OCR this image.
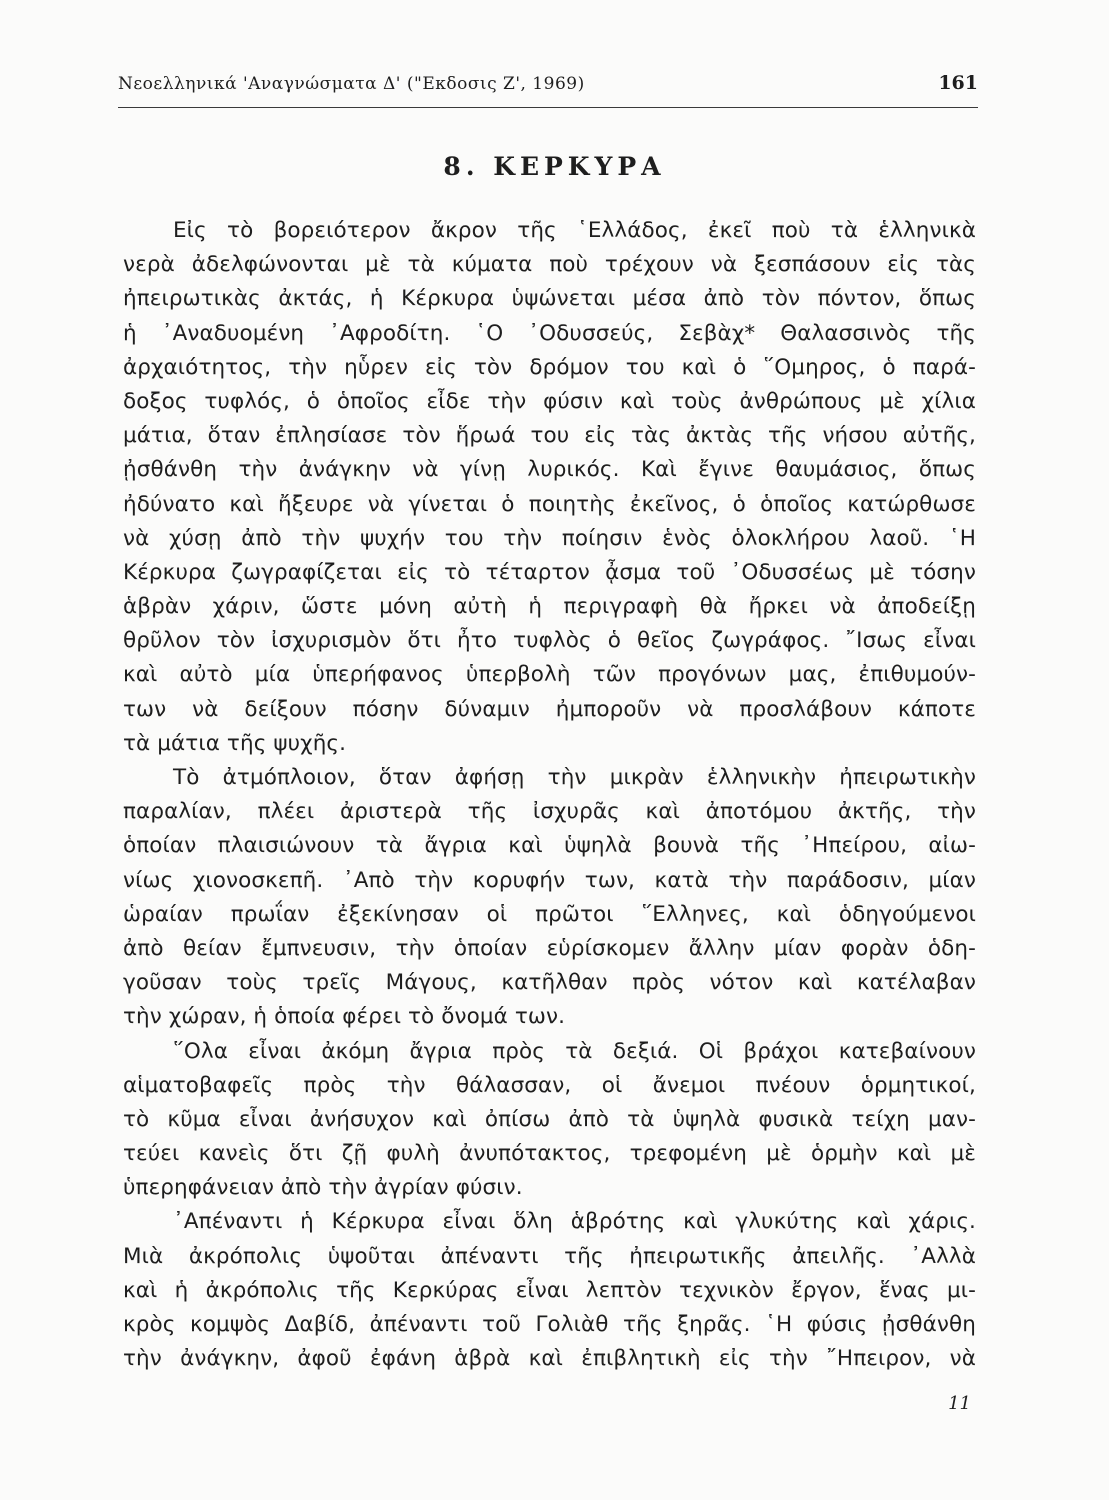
Νεοελληνικά 'Αναγνώσματα Δ' ("Εκδοσις Ζ', 1969)	161
8. ΚΕΡΚΥΡΑ
Εἰς τὸ βορειότερον ἄκρον τῆς ῾Ελλάδος, ἐκεῖ ποὺ τὰ ἑλληνικὰ
νερὰ ἀδελφώνονται μὲ τὰ κύματα ποὺ τρέχουν νὰ ξεσπάσουν εἰς τὰς
ἠπειρωτικὰς ἀκτάς, ἡ Κέρκυρα ὑψώνεται μέσα ἀπὸ τὸν πόντον, ὅπως
ἡ ᾿Αναδυομένη ᾿Αφροδίτη. ῾Ο ᾿Οδυσσεύς, Σεβὰχ* Θαλασσινὸς τῆς
ἀρχαιότητος, τὴν ηὗρεν εἰς τὸν δρόμον του καὶ ὁ ῞Ομηρος, ὁ παρά-
δοξος τυφλός, ὁ ὁποῖος εἶδε τὴν φύσιν καὶ τοὺς ἀνθρώπους μὲ χίλια
μάτια, ὅταν ἐπλησίασε τὸν ἥρωά του εἰς τὰς ἀκτὰς τῆς νήσου αὐτῆς,
ᾐσθάνθη τὴν ἀνάγκην νὰ γίνῃ λυρικός. Καὶ ἔγινε θαυμάσιος, ὅπως
ἠδύνατο καὶ ἤξευρε νὰ γίνεται ὁ ποιητὴς ἐκεῖνος, ὁ ὁποῖος κατώρθωσε
νὰ χύσῃ ἀπὸ τὴν ψυχήν του τὴν ποίησιν ἑνὸς ὁλοκλήρου λαοῦ. ῾Η
Κέρκυρα ζωγραφίζεται εἰς τὸ τέταρτον ᾆσμα τοῦ ᾿Οδυσσέως μὲ τόσην
ἁβρὰν χάριν, ὥστε μόνη αὐτὴ ἡ περιγραφὴ θὰ ἤρκει νὰ ἀποδείξῃ
θρῦλον τὸν ἰσχυρισμὸν ὅτι ἦτο τυφλὸς ὁ θεῖος ζωγράφος. ῎Ισως εἶναι
καὶ αὐτὸ μία ὑπερήφανος ὑπερβολὴ τῶν προγόνων μας, ἐπιθυμούν-
των νὰ δείξουν πόσην δύναμιν ἠμποροῦν νὰ προσλάβουν κάποτε
τὰ μάτια τῆς ψυχῆς.
Τὸ ἀτμόπλοιον, ὅταν ἀφήσῃ τὴν μικρὰν ἑλληνικὴν ἠπειρωτικὴν
παραλίαν, πλέει ἀριστερὰ τῆς ἰσχυρᾶς καὶ ἀποτόμου ἀκτῆς, τὴν
ὁποίαν πλαισιώνουν τὰ ἄγρια καὶ ὑψηλὰ βουνὰ τῆς ᾿Ηπείρου, αἰω-
νίως χιονοσκεπῆ. ᾿Απὸ τὴν κορυφήν των, κατὰ τὴν παράδοσιν, μίαν
ὡραίαν πρωΐαν ἐξεκίνησαν οἱ πρῶτοι ῞Ελληνες, καὶ ὁδηγούμενοι
ἀπὸ θείαν ἔμπνευσιν, τὴν ὁποίαν εὑρίσκομεν ἄλλην μίαν φορὰν ὁδη-
γοῦσαν τοὺς τρεῖς Μάγους, κατῆλθαν πρὸς νότον καὶ κατέλαβαν
τὴν χώραν, ἡ ὁποία φέρει τὸ ὄνομά των.
῞Ολα εἶναι ἀκόμη ἄγρια πρὸς τὰ δεξιά. Οἱ βράχοι κατεβαίνουν
αἱματοβαφεῖς πρὸς τὴν θάλασσαν, οἱ ἄνεμοι πνέουν ὁρμητικοί,
τὸ κῦμα εἶναι ἀνήσυχον καὶ ὀπίσω ἀπὸ τὰ ὑψηλὰ φυσικὰ τείχη μαν-
τεύει κανεὶς ὅτι ζῇ φυλὴ ἀνυπότακτος, τρεφομένη μὲ ὁρμὴν καὶ μὲ
ὑπερηφάνειαν ἀπὸ τὴν ἀγρίαν φύσιν.
᾿Απέναντι ἡ Κέρκυρα εἶναι ὅλη ἁβρότης καὶ γλυκύτης καὶ χάρις.
Μιὰ ἀκρόπολις ὑψοῦται ἀπέναντι τῆς ἠπειρωτικῆς ἀπειλῆς. ᾿Αλλὰ
καὶ ἡ ἀκρόπολις τῆς Κερκύρας εἶναι λεπτὸν τεχνικὸν ἔργον, ἕνας μι-
κρὸς κομψὸς Δαβίδ, ἀπέναντι τοῦ Γολιὰθ τῆς ξηρᾶς. ῾Η φύσις ᾐσθάνθη
τὴν ἀνάγκην, ἀφοῦ ἐφάνη ἁβρὰ καὶ ἐπιβλητικὴ εἰς τὴν ῎Ηπειρον, νὰ
11
